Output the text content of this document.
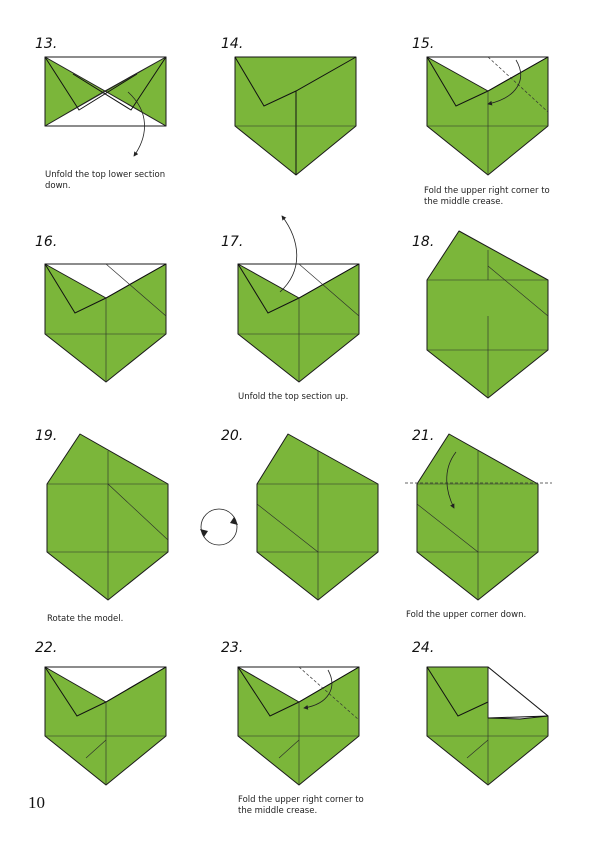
13.	14.	15.
16.	17.	18.
19.	20.	21.
22.	23.	24.
Unfold the top lower section
down.	Fold the upper right corner to
the middle crease.
Unfold the top section up.
Rotate the model.	Fold the upper corner down.
Fold the upper right corner to
the middle crease.
10
